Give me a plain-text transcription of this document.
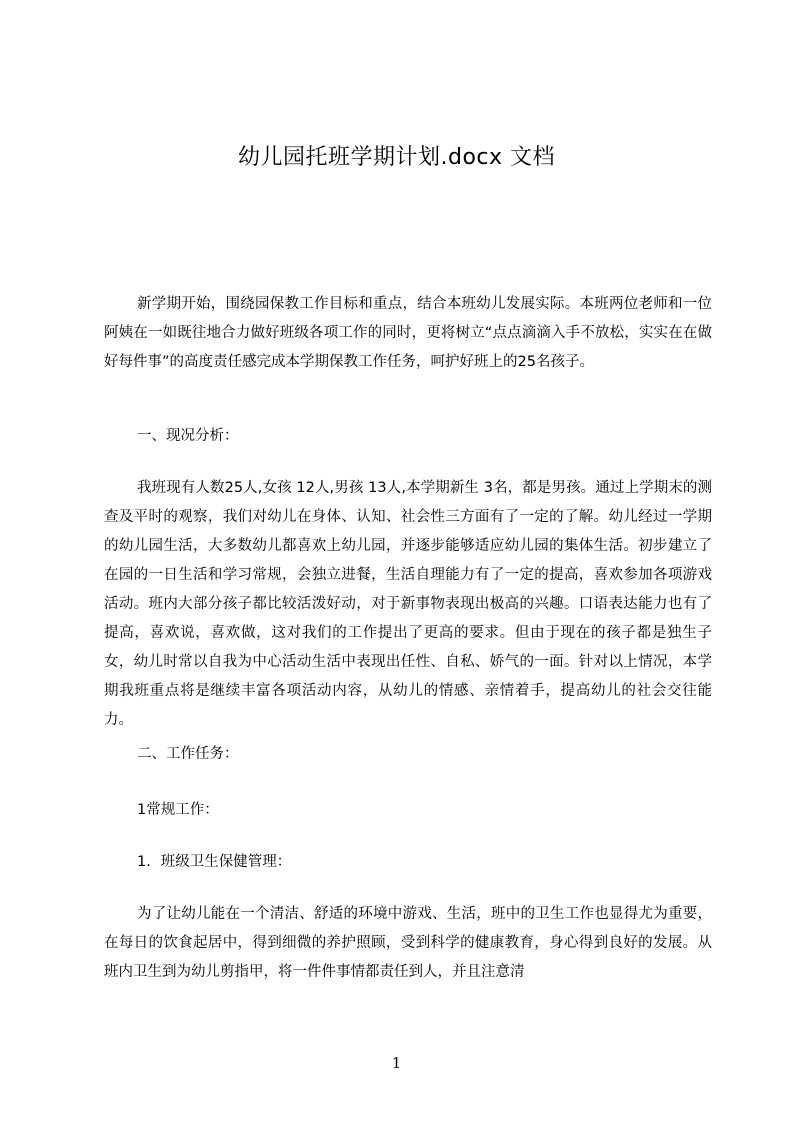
幼儿园托班学期计划.docx 文档

新学期开始，围绕园保教工作目标和重点，结合本班幼儿发展实际。本班两位老师和一位阿姨在一如既往地合力做好班级各项工作的同时，更将树立“点点滴滴入手不放松，实实在在做好每件事”的高度责任感完成本学期保教工作任务，呵护好班上的25名孩子。

一、现况分析：

我班现有人数25人,女孩 12人,男孩 13人,本学期新生 3名，都是男孩。通过上学期末的测查及平时的观察，我们对幼儿在身体、认知、社会性三方面有了一定的了解。幼儿经过一学期的幼儿园生活，大多数幼儿都喜欢上幼儿园，并逐步能够适应幼儿园的集体生活。初步建立了在园的一日生活和学习常规，会独立进餐，生活自理能力有了一定的提高，喜欢参加各项游戏活动。班内大部分孩子都比较活泼好动，对于新事物表现出极高的兴趣。口语表达能力也有了提高，喜欢说，喜欢做，这对我们的工作提出了更高的要求。但由于现在的孩子都是独生子女，幼儿时常以自我为中心活动生活中表现出任性、自私、娇气的一面。针对以上情况，本学期我班重点将是继续丰富各项活动内容，从幼儿的情感、亲情着手，提高幼儿的社会交往能力。

二、工作任务：

1常规工作：

1．班级卫生保健管理：

为了让幼儿能在一个清洁、舒适的环境中游戏、生活，班中的卫生工作也显得尤为重要，在每日的饮食起居中，得到细微的养护照顾，受到科学的健康教育，身心得到良好的发展。从班内卫生到为幼儿剪指甲，将一件件事情都责任到人，并且注意清

1
